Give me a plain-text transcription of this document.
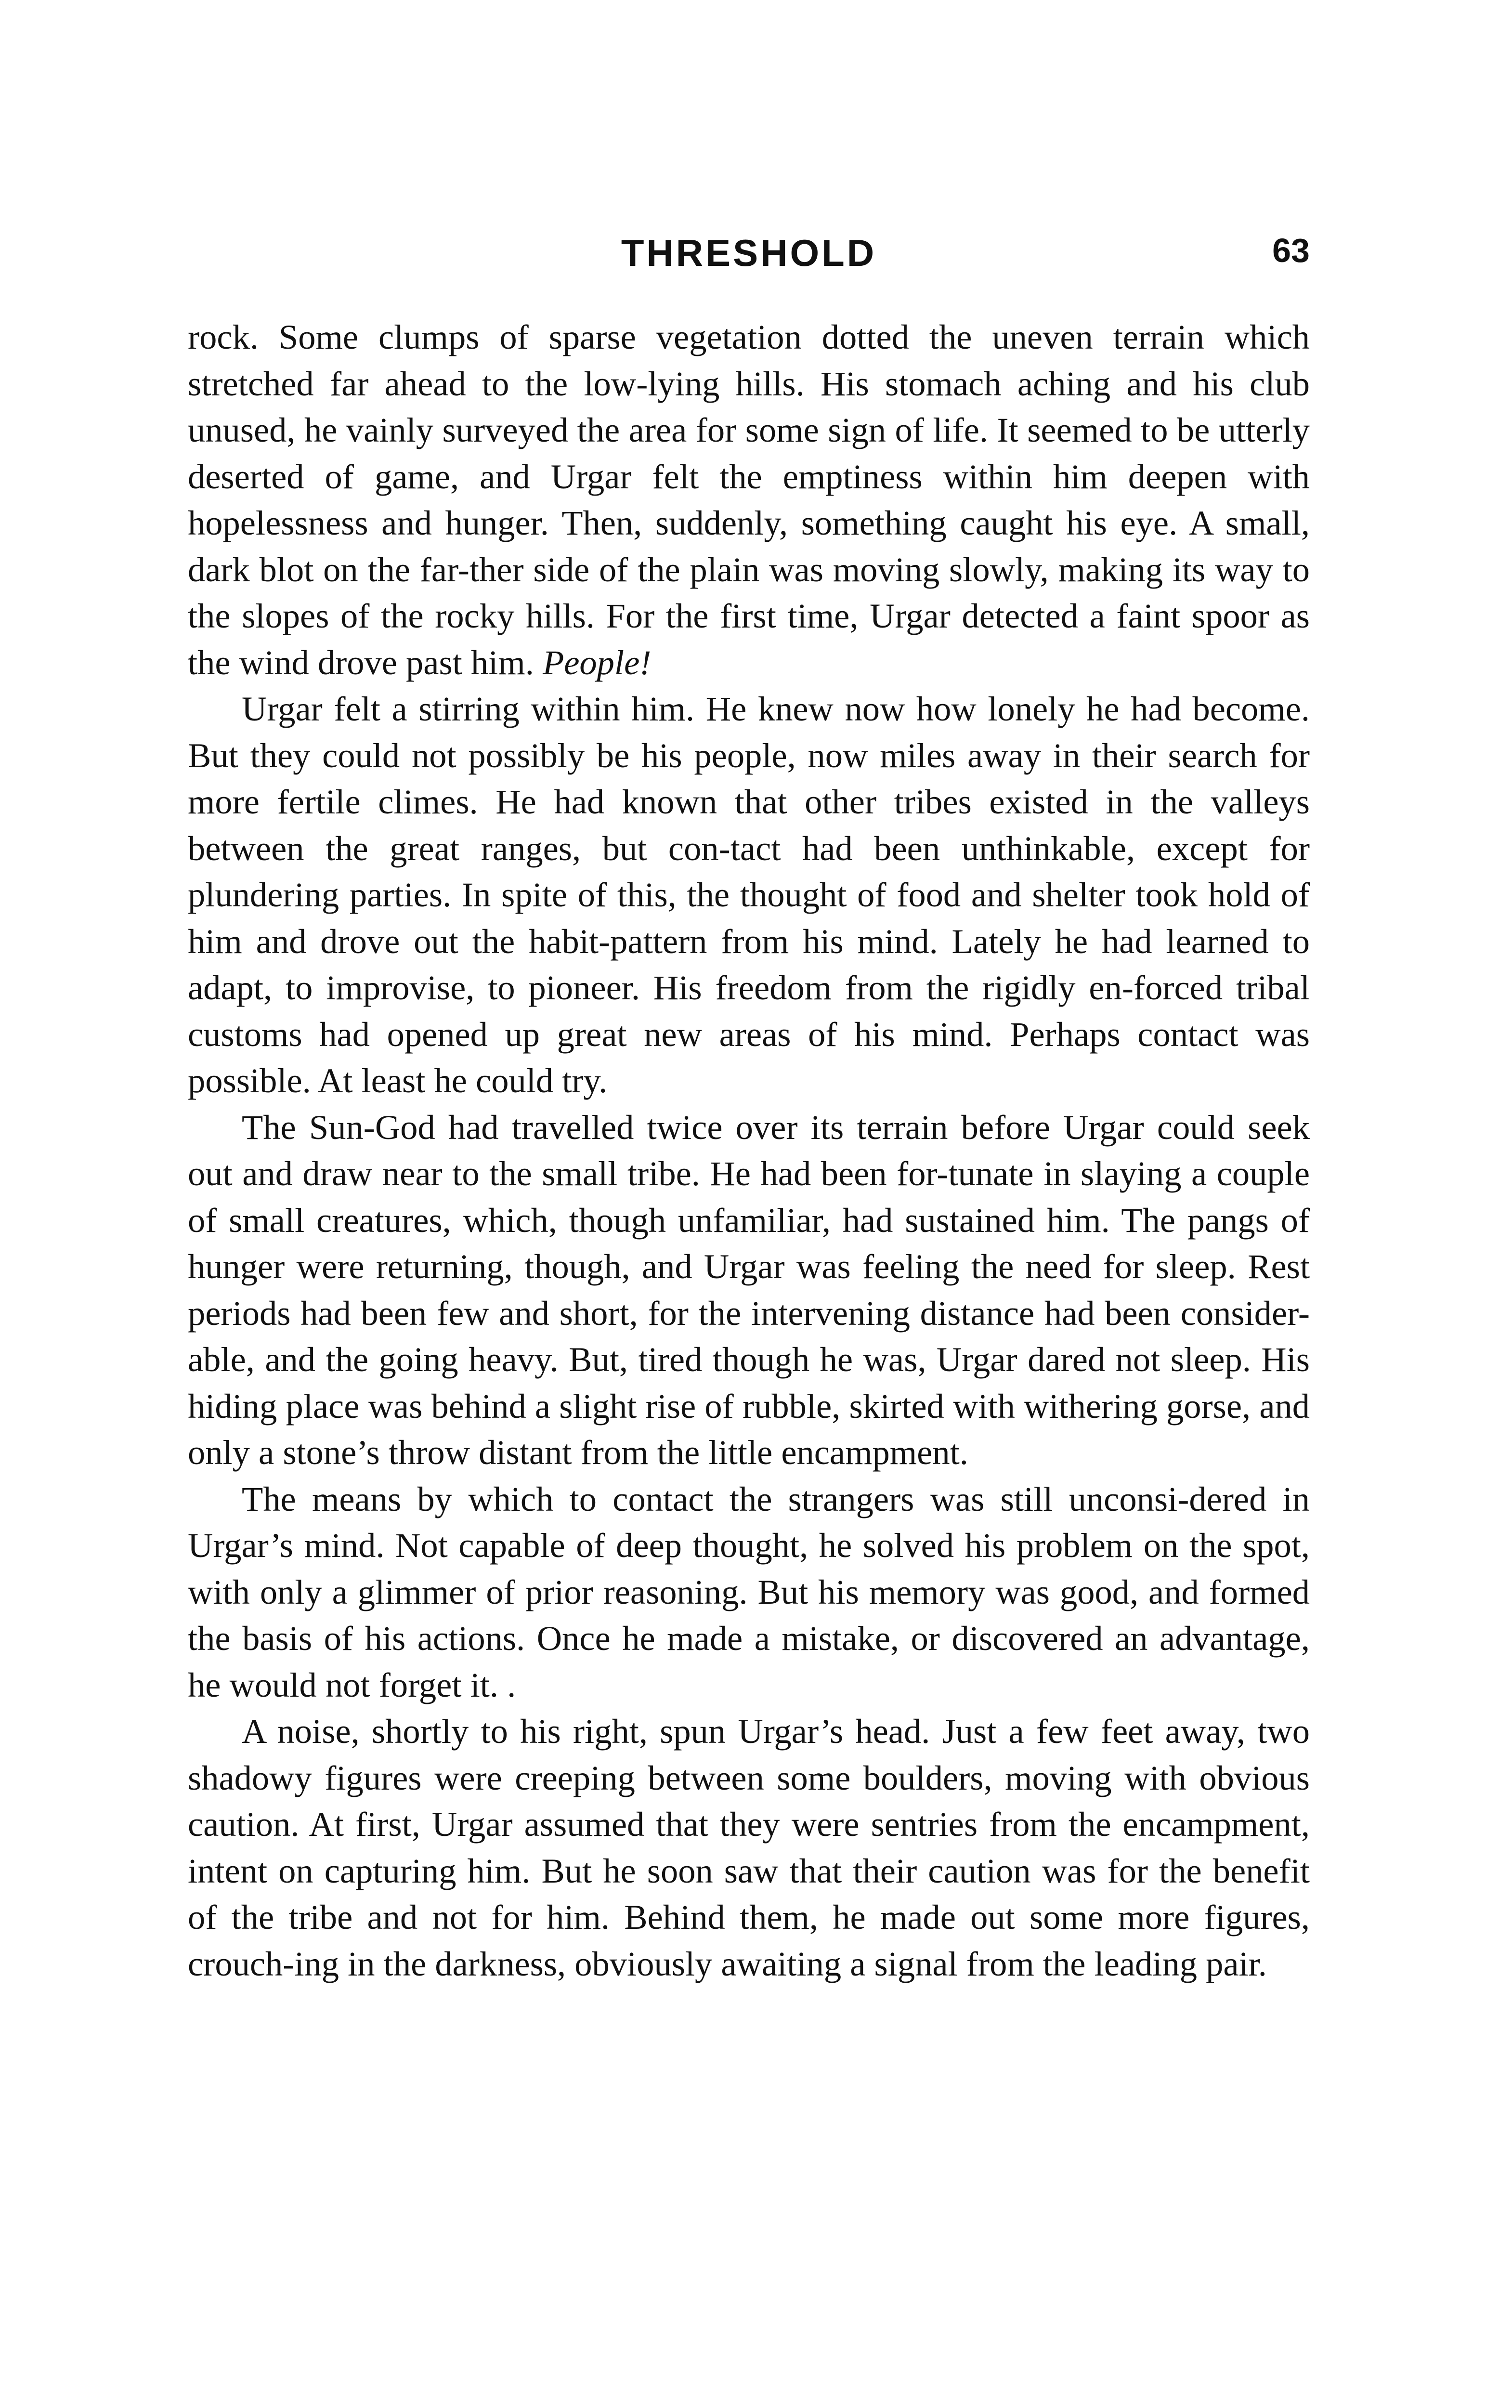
THRESHOLD	63

rock. Some clumps of sparse vegetation dotted the uneven terrain which stretched far ahead to the low-lying hills. His stomach aching and his club unused, he vainly surveyed the area for some sign of life. It seemed to be utterly deserted of game, and Urgar felt the emptiness within him deepen with hopelessness and hunger. Then, suddenly, something caught his eye. A small, dark blot on the far-ther side of the plain was moving slowly, making its way to the slopes of the rocky hills. For the first time, Urgar detected a faint spoor as the wind drove past him. People!

Urgar felt a stirring within him. He knew now how lonely he had become. But they could not possibly be his people, now miles away in their search for more fertile climes. He had known that other tribes existed in the valleys between the great ranges, but con-tact had been unthinkable, except for plundering parties. In spite of this, the thought of food and shelter took hold of him and drove out the habit-pattern from his mind. Lately he had learned to adapt, to improvise, to pioneer. His freedom from the rigidly en-forced tribal customs had opened up great new areas of his mind. Perhaps contact was possible. At least he could try.

The Sun-God had travelled twice over its terrain before Urgar could seek out and draw near to the small tribe. He had been for-tunate in slaying a couple of small creatures, which, though unfamiliar, had sustained him. The pangs of hunger were returning, though, and Urgar was feeling the need for sleep. Rest periods had been few and short, for the intervening distance had been consider-able, and the going heavy. But, tired though he was, Urgar dared not sleep. His hiding place was behind a slight rise of rubble, skirted with withering gorse, and only a stone’s throw distant from the little encampment.

The means by which to contact the strangers was still unconsi-dered in Urgar’s mind. Not capable of deep thought, he solved his problem on the spot, with only a glimmer of prior reasoning. But his memory was good, and formed the basis of his actions. Once he made a mistake, or discovered an advantage, he would not forget it. .

A noise, shortly to his right, spun Urgar’s head. Just a few feet away, two shadowy figures were creeping between some boulders, moving with obvious caution. At first, Urgar assumed that they were sentries from the encampment, intent on capturing him. But he soon saw that their caution was for the benefit of the tribe and not for him. Behind them, he made out some more figures, crouch-ing in the darkness, obviously awaiting a signal from the leading pair.
